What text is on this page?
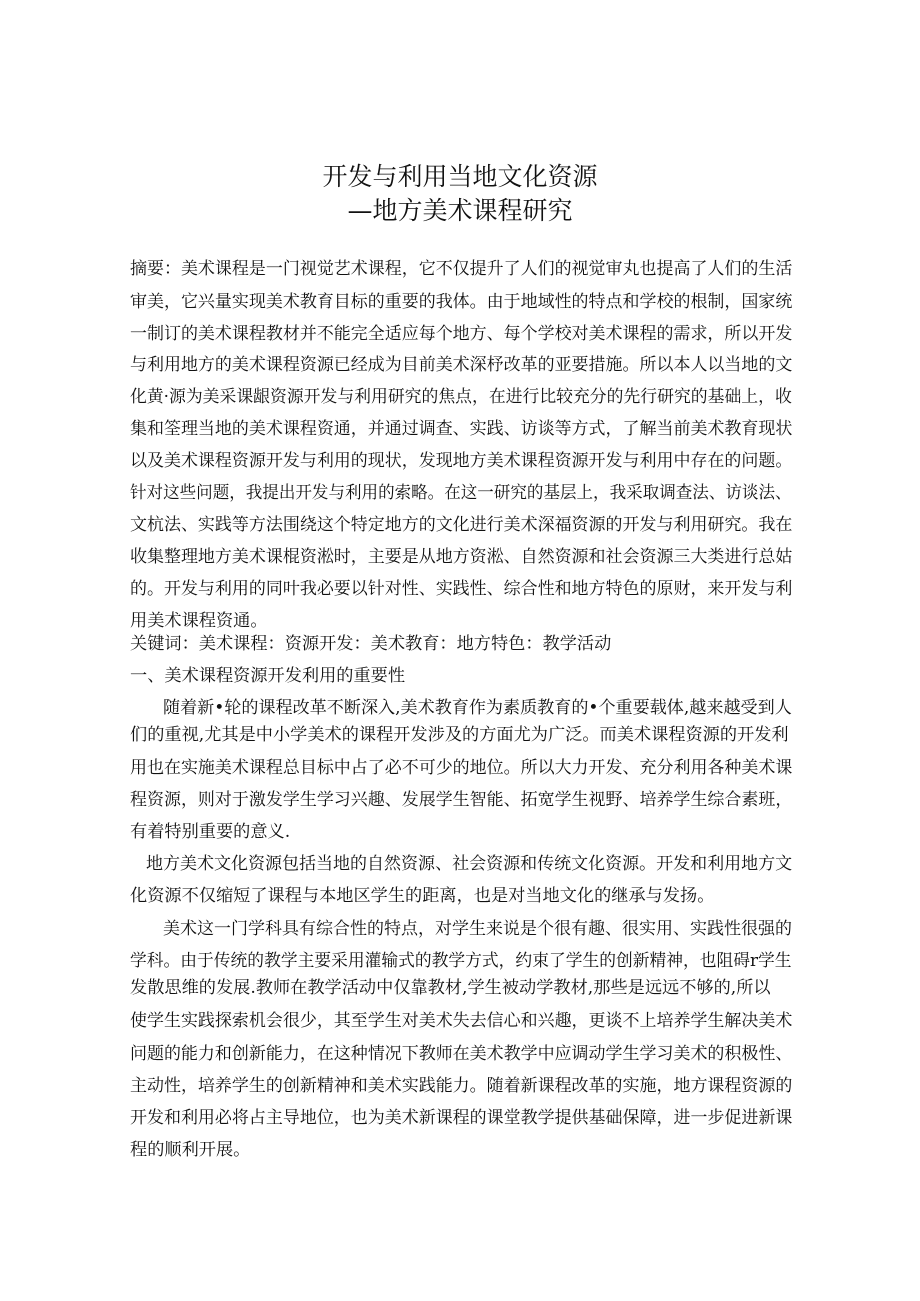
开发与利用当地文化资源
—地方美术课程研究
摘要：美术课程是一门视觉艺术课程，它不仅提升了人们的视觉审丸也提高了人们的生活
审美，它兴量实现美术教育目标的重要的我体。由于地域性的特点和学校的根制，国家统
一制订的美术课程教材并不能完全适应每个地方、每个学校对美术课程的需求，所以开发
与利用地方的美术课程资源已经成为目前美术深杼改革的亚要措施。所以本人以当地的文
化黄·源为美采课龈资源开发与利用研究的焦点，在进行比较充分的先行研究的基础上，收
集和筌理当地的美术课程资通，并通过调查、实践、访谈等方式，了解当前美术教育现状
以及美术课程资源开发与利用的现状，发现地方美术课程资源开发与利用中存在的问题。
针对这些问题，我提出开发与利用的索略。在这一研究的基层上，我采取调查法、访谈法、
文杭法、实践等方法围绕这个特定地方的文化进行美术深福资源的开发与利用研究。我在
收集整理地方美术课棍资淞时，主要是从地方资淞、自然资源和社会资源三大类进行总姑
的。开发与利用的同叶我必要以针对性、实践性、综合性和地方特色的原财，来开发与利
用美术课程资通。
关键词：美术课程：资源开发：美术教育：地方特色：教学活动
一、美术课程资源开发利用的重要性
随着新•轮的课程改革不断深入,美术教育作为素质教育的•个重要载体,越来越受到人
们的重视,尤其是中小学美术的课程开发涉及的方面尤为广泛。而美术课程资源的开发利
用也在实施美术课程总目标中占了必不可少的地位。所以大力开发、充分利用各种美术课
程资源，则对于激发学生学习兴趣、发展学生智能、拓宽学生视野、培养学生综合素班，
有着特别重要的意义.
地方美术文化资源包括当地的自然资源、社会资源和传统文化资源。开发和利用地方文
化资源不仅缩短了课程与本地区学生的距离，也是对当地文化的继承与发扬。
美术这一门学科具有综合性的特点，对学生来说是个很有趣、很实用、实践性很强的
学科。由于传统的教学主要采用灌输式的教学方式，约束了学生的创新精神，也阻碍r学生
发散思维的发展.教师在教学活动中仅靠教材,学生被动学教材,那些是远远不够的,所以
使学生实践探索机会很少，其至学生对美术失去信心和兴趣，更谈不上培养学生解决美术
问题的能力和创新能力，在这种情况下教师在美术教学中应调动学生学习美术的积极性、
主动性，培养学生的创新精神和美术实践能力。随着新课程改革的实施，地方课程资源的
开发和利用必将占主导地位，也为美术新课程的课堂教学提供基础保障，进一步促进新课
程的顺利开展。
